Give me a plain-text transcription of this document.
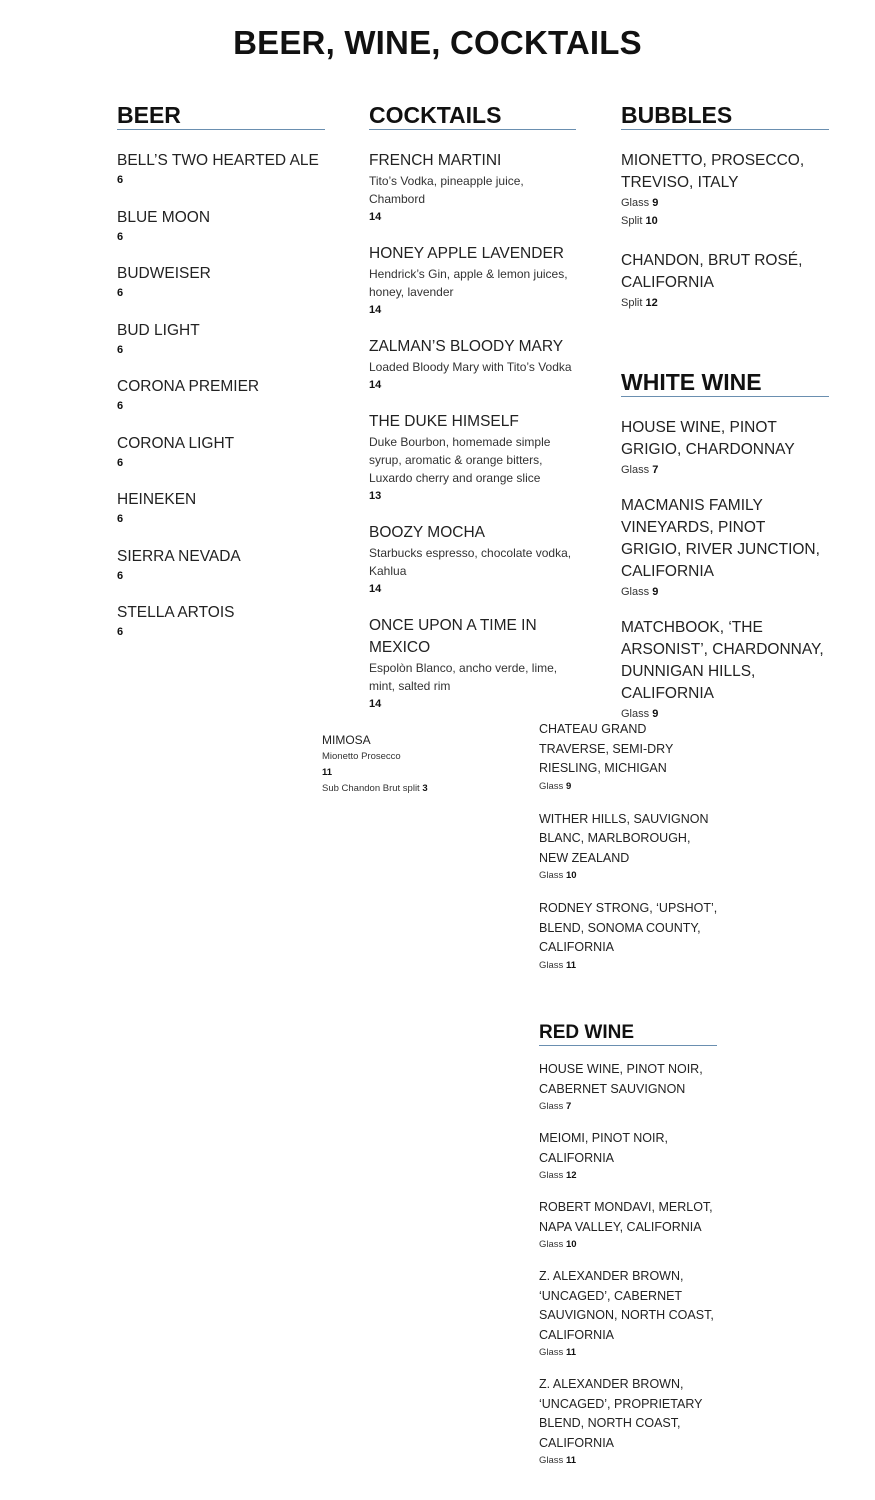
BEER, WINE, COCKTAILS
BEER
BELL’S TWO HEARTED ALE
6
BLUE MOON
6
BUDWEISER
6
BUD LIGHT
6
CORONA PREMIER
6
CORONA LIGHT
6
HEINEKEN
6
SIERRA NEVADA
6
STELLA ARTOIS
6
COCKTAILS
FRENCH MARTINI
Tito’s Vodka, pineapple juice, Chambord
14
HONEY APPLE LAVENDER
Hendrick’s Gin, apple & lemon juices, honey, lavender
14
ZALMAN’S BLOODY MARY
Loaded Bloody Mary with Tito’s Vodka
14
THE DUKE HIMSELF
Duke Bourbon, homemade simple syrup, aromatic & orange bitters, Luxardo cherry and orange slice
13
BOOZY MOCHA
Starbucks espresso, chocolate vodka, Kahlua
14
ONCE UPON A TIME IN MEXICO
Espolòn Blanco, ancho verde, lime, mint, salted rim
14
MIMOSA
Mionetto Prosecco
11
Sub Chandon Brut split 3
BUBBLES
MIONETTO, PROSECCO, TREVISO, ITALY
Glass 9
Split 10
CHANDON, BRUT ROSÉ, CALIFORNIA
Split 12
WHITE WINE
HOUSE WINE, PINOT GRIGIO, CHARDONNAY
Glass 7
MACMANIS FAMILY VINEYARDS, PINOT GRIGIO, RIVER JUNCTION, CALIFORNIA
Glass 9
MATCHBOOK, ‘THE ARSONIST’, CHARDONNAY, DUNNIGAN HILLS, CALIFORNIA
Glass 9
CHATEAU GRAND TRAVERSE, SEMI-DRY RIESLING, MICHIGAN
Glass 9
WITHER HILLS, SAUVIGNON BLANC, MARLBOROUGH, NEW ZEALAND
Glass 10
RODNEY STRONG, ‘UPSHOT’, BLEND, SONOMA COUNTY, CALIFORNIA
Glass 11
RED WINE
HOUSE WINE, PINOT NOIR, CABERNET SAUVIGNON
Glass 7
MEIOMI, PINOT NOIR, CALIFORNIA
Glass 12
ROBERT MONDAVI, MERLOT, NAPA VALLEY, CALIFORNIA
Glass 10
Z. ALEXANDER BROWN, ‘UNCAGED’, CABERNET SAUVIGNON, NORTH COAST, CALIFORNIA
Glass 11
Z. ALEXANDER BROWN, ‘UNCAGED’, PROPRIETARY BLEND, NORTH COAST, CALIFORNIA
Glass 11
